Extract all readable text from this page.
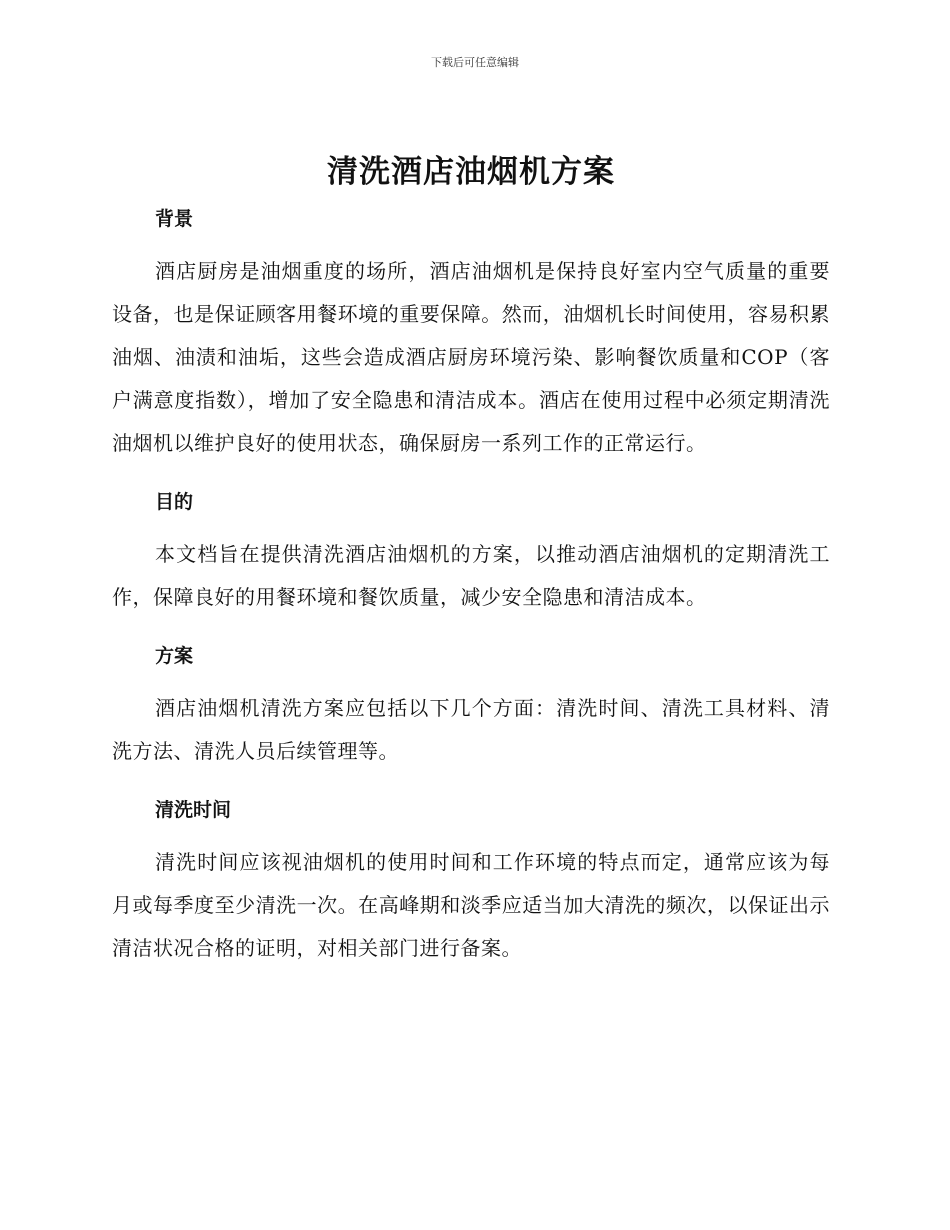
下载后可任意编辑
清洗酒店油烟机方案
背景

酒店厨房是油烟重度的场所，酒店油烟机是保持良好室内空气质量的重要设备，也是保证顾客用餐环境的重要保障。然而，油烟机长时间使用，容易积累油烟、油渍和油垢，这些会造成酒店厨房环境污染、影响餐饮质量和COP（客户满意度指数），增加了安全隐患和清洁成本。酒店在使用过程中必须定期清洗油烟机以维护良好的使用状态，确保厨房一系列工作的正常运行。

目的

本文档旨在提供清洗酒店油烟机的方案，以推动酒店油烟机的定期清洗工作，保障良好的用餐环境和餐饮质量，减少安全隐患和清洁成本。

方案

酒店油烟机清洗方案应包括以下几个方面：清洗时间、清洗工具材料、清洗方法、清洗人员后续管理等。

清洗时间

清洗时间应该视油烟机的使用时间和工作环境的特点而定，通常应该为每月或每季度至少清洗一次。在高峰期和淡季应适当加大清洗的频次，以保证出示清洁状况合格的证明，对相关部门进行备案。
